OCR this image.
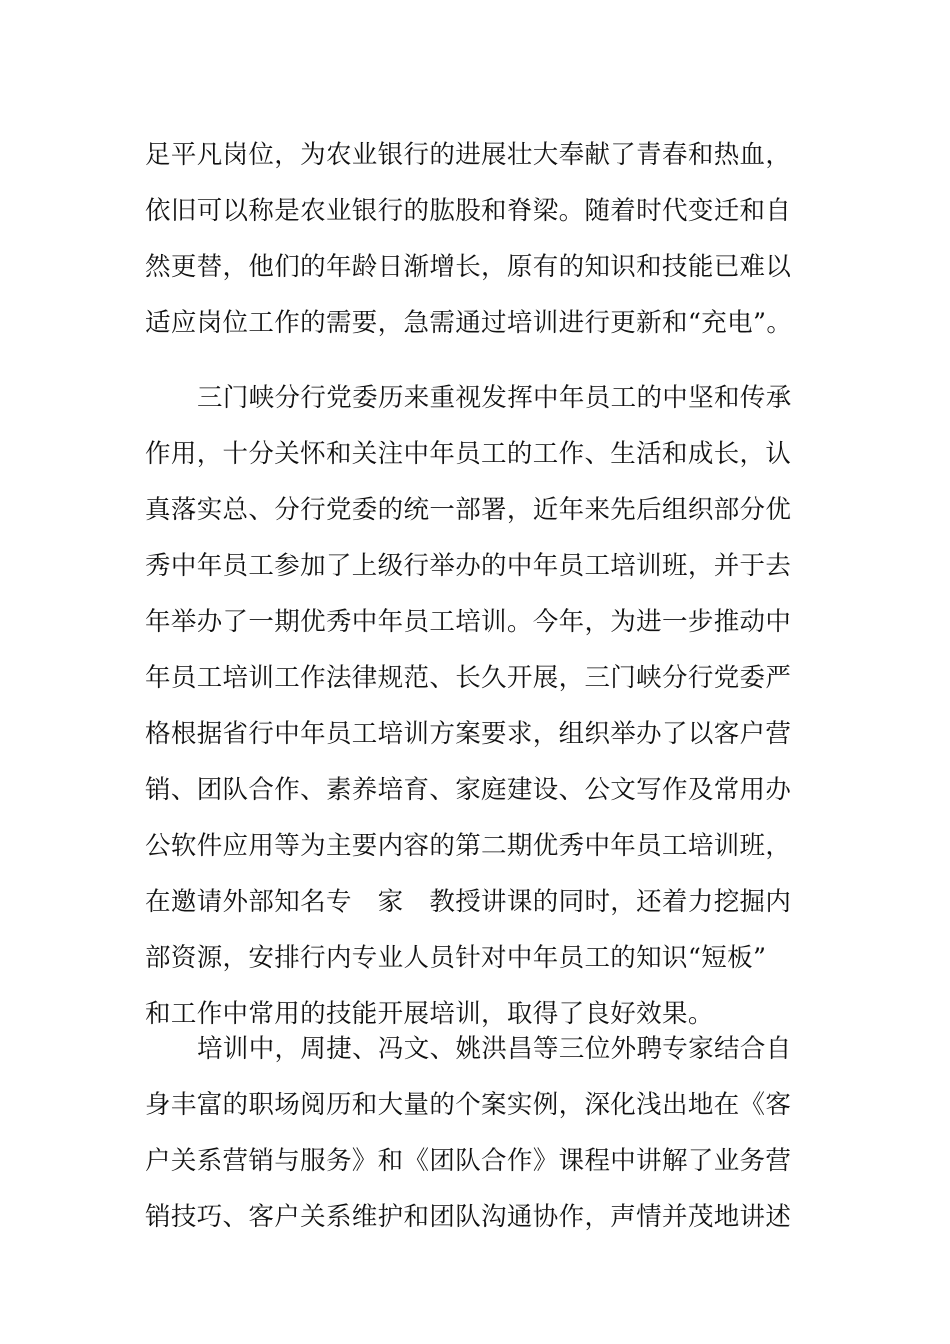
足平凡岗位，为农业银行的进展壮大奉献了青春和热血，
依旧可以称是农业银行的肱股和脊梁。随着时代变迁和自
然更替，他们的年龄日渐增长，原有的知识和技能已难以
适应岗位工作的需要，急需通过培训进行更新和“充电”。
三门峡分行党委历来重视发挥中年员工的中坚和传承
作用，十分关怀和关注中年员工的工作、生活和成长，认
真落实总、分行党委的统一部署，近年来先后组织部分优
秀中年员工参加了上级行举办的中年员工培训班，并于去
年举办了一期优秀中年员工培训。今年，为进一步推动中
年员工培训工作法律规范、长久开展，三门峡分行党委严
格根据省行中年员工培训方案要求，组织举办了以客户营
销、团队合作、素养培育、家庭建设、公文写作及常用办
公软件应用等为主要内容的第二期优秀中年员工培训班，
在邀请外部知名专　家　教授讲课的同时，还着力挖掘内
部资源，安排行内专业人员针对中年员工的知识“短板”
和工作中常用的技能开展培训，取得了良好效果。
培训中，周捷、冯文、姚洪昌等三位外聘专家结合自
身丰富的职场阅历和大量的个案实例，深化浅出地在《客
户关系营销与服务》和《团队合作》课程中讲解了业务营
销技巧、客户关系维护和团队沟通协作，声情并茂地讲述
